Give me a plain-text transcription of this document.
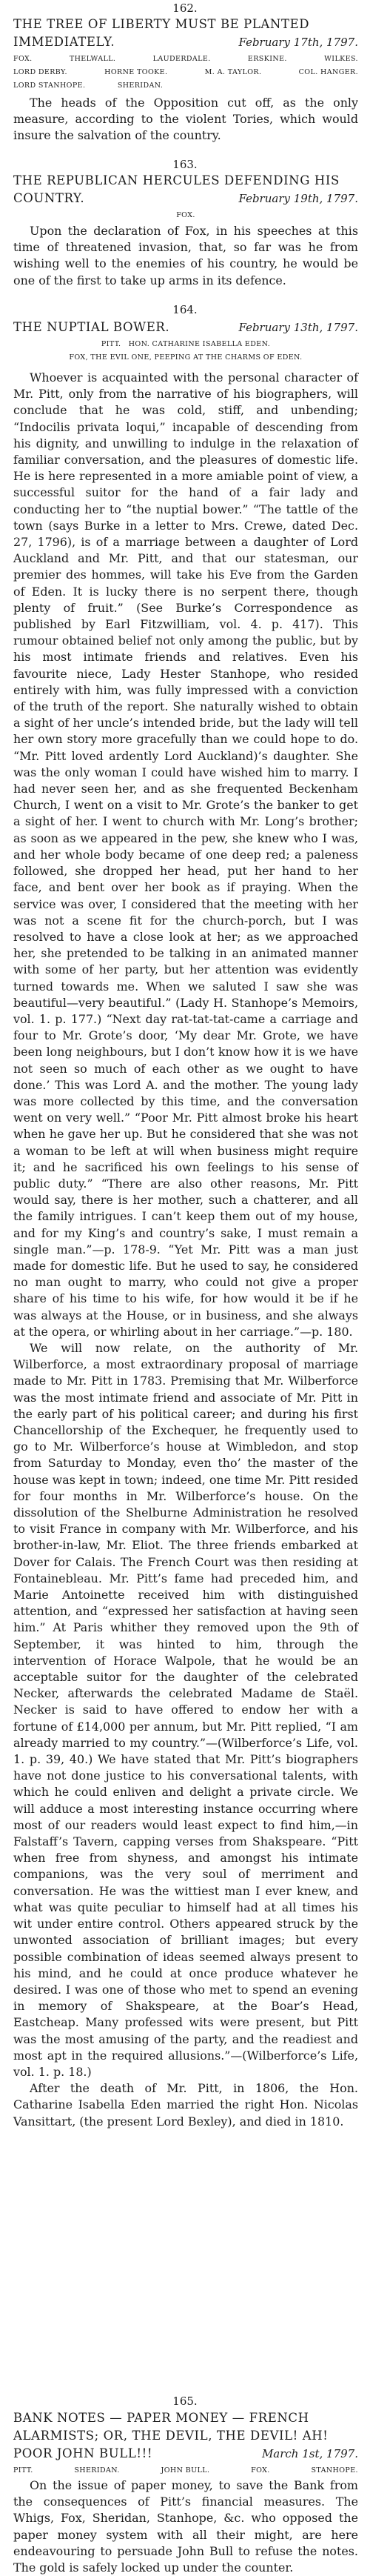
162.
THE TREE OF LIBERTY MUST BE PLANTED IMMEDIATELY.	February 17th, 1797.
FOX.	THELWALL.	LAUDERDALE.	ERSKINE.	WILKES.
LORD DERBY.	HORNE TOOKE.	M. A. TAYLOR.	COL. HANGER.
LORD STANHOPE.	SHERIDAN.

The heads of the Opposition cut off, as the only measure, according to the violent Tories, which would insure the salvation of the country.

163.
THE REPUBLICAN HERCULES DEFENDING HIS COUNTRY.	February 19th, 1797.
FOX.

Upon the declaration of Fox, in his speeches at this time of threatened invasion, that, so far was he from wishing well to the enemies of his country, he would be one of the first to take up arms in its defence.

164.
THE NUPTIAL BOWER.	February 13th, 1797.
PITT.   HON. CATHARINE ISABELLA EDEN.
FOX, THE EVIL ONE, PEEPING AT THE CHARMS OF EDEN.

Whoever is acquainted with the personal character of Mr. Pitt, only from the narrative of his biographers, will conclude that he was cold, stiff, and unbending; “Indocilis privata loqui,” incapable of descending from his dignity, and unwilling to indulge in the relaxation of familiar conversation, and the pleasures of domestic life. He is here represented in a more amiable point of view, a successful suitor for the hand of a fair lady and conducting her to “the nuptial bower.” “The tattle of the town (says Burke in a letter to Mrs. Crewe, dated Dec. 27, 1796), is of a marriage between a daughter of Lord Auckland and Mr. Pitt, and that our statesman, our premier des hommes, will take his Eve from the Garden of Eden. It is lucky there is no serpent there, though plenty of fruit.” (See Burke’s Correspondence as published by Earl Fitzwilliam, vol. 4. p. 417). This rumour obtained belief not only among the public, but by his most intimate friends and relatives. Even his favourite niece, Lady Hester Stanhope, who resided entirely with him, was fully impressed with a conviction of the truth of the report. She naturally wished to obtain a sight of her uncle’s intended bride, but the lady will tell her own story more gracefully than we could hope to do. “Mr. Pitt loved ardently Lord Auckland)’s daughter. She was the only woman I could have wished him to marry. I had never seen her, and as she frequented Beckenham Church, I went on a visit to Mr. Grote’s the banker to get a sight of her. I went to church with Mr. Long’s brother; as soon as we appeared in the pew, she knew who I was, and her whole body became of one deep red; a paleness followed, she dropped her head, put her hand to her face, and bent over her book as if praying. When the service was over, I considered that the meeting with her was not a scene fit for the church-porch, but I was resolved to have a close look at her; as we approached her, she pretended to be talking in an animated manner with some of her party, but her attention was evidently turned towards me. When we saluted I saw she was beautiful—very beautiful.” (Lady H. Stanhope’s Memoirs, vol. 1. p. 177.) “Next day rat-tat-tat-came a carriage and four to Mr. Grote’s door, ‘My dear Mr. Grote, we have been long neighbours, but I don’t know how it is we have not seen so much of each other as we ought to have done.’ This was Lord A. and the mother. The young lady was more collected by this time, and the conversation went on very well.” “Poor Mr. Pitt almost broke his heart when he gave her up. But he considered that she was not a woman to be left at will when business might require it; and he sacrificed his own feelings to his sense of public duty.” “There are also other reasons, Mr. Pitt would say, there is her mother, such a chatterer, and all the family intrigues. I can’t keep them out of my house, and for my King’s and country’s sake, I must remain a single man.”—p. 178-9. “Yet Mr. Pitt was a man just made for domestic life. But he used to say, he considered no man ought to marry, who could not give a proper share of his time to his wife, for how would it be if he was always at the House, or in business, and she always at the opera, or whirling about in her carriage.”—p. 180.

We will now relate, on the authority of Mr. Wilberforce, a most extraordinary proposal of marriage made to Mr. Pitt in 1783. Premising that Mr. Wilberforce was the most intimate friend and associate of Mr. Pitt in the early part of his political career; and during his first Chancellorship of the Exchequer, he frequently used to go to Mr. Wilberforce’s house at Wimbledon, and stop from Saturday to Monday, even tho’ the master of the house was kept in town; indeed, one time Mr. Pitt resided for four months in Mr. Wilberforce’s house. On the dissolution of the Shelburne Administration he resolved to visit France in company with Mr. Wilberforce, and his brother-in-law, Mr. Eliot. The three friends embarked at Dover for Calais. The French Court was then residing at Fontainebleau. Mr. Pitt’s fame had preceded him, and Marie Antoinette received him with distinguished attention, and “expressed her satisfaction at having seen him.” At Paris whither they removed upon the 9th of September, it was hinted to him, through the intervention of Horace Walpole, that he would be an acceptable suitor for the daughter of the celebrated Necker, afterwards the celebrated Madame de Staël. Necker is said to have offered to endow her with a fortune of £14,000 per annum, but Mr. Pitt replied, “I am already married to my country.”—(Wilberforce’s Life, vol. 1. p. 39, 40.) We have stated that Mr. Pitt’s biographers have not done justice to his conversational talents, with which he could enliven and delight a private circle. We will adduce a most interesting instance occurring where most of our readers would least expect to find him,—in Falstaff’s Tavern, capping verses from Shakspeare. “Pitt when free from shyness, and amongst his intimate companions, was the very soul of merriment and conversation. He was the wittiest man I ever knew, and what was quite peculiar to himself had at all times his wit under entire control. Others appeared struck by the unwonted association of brilliant images; but every possible combination of ideas seemed always present to his mind, and he could at once produce whatever he desired. I was one of those who met to spend an evening in memory of Shakspeare, at the Boar’s Head, Eastcheap. Many professed wits were present, but Pitt was the most amusing of the party, and the readiest and most apt in the required allusions.”—(Wilberforce’s Life, vol. 1. p. 18.)

After the death of Mr. Pitt, in 1806, the Hon. Catharine Isabella Eden married the right Hon. Nicolas Vansittart, (the present Lord Bexley), and died in 1810.

165.
BANK NOTES — PAPER MONEY — FRENCH ALARMISTS; OR, THE DEVIL, THE DEVIL! AH! POOR JOHN BULL!!!	March 1st, 1797.
PITT.	SHERIDAN.	JOHN BULL.	FOX.	STANHOPE.

On the issue of paper money, to save the Bank from the consequences of Pitt’s financial measures. The Whigs, Fox, Sheridan, Stanhope, &c. who opposed the paper money system with all their might, are here endeavouring to persuade John Bull to refuse the notes. The gold is safely locked up under the counter.
